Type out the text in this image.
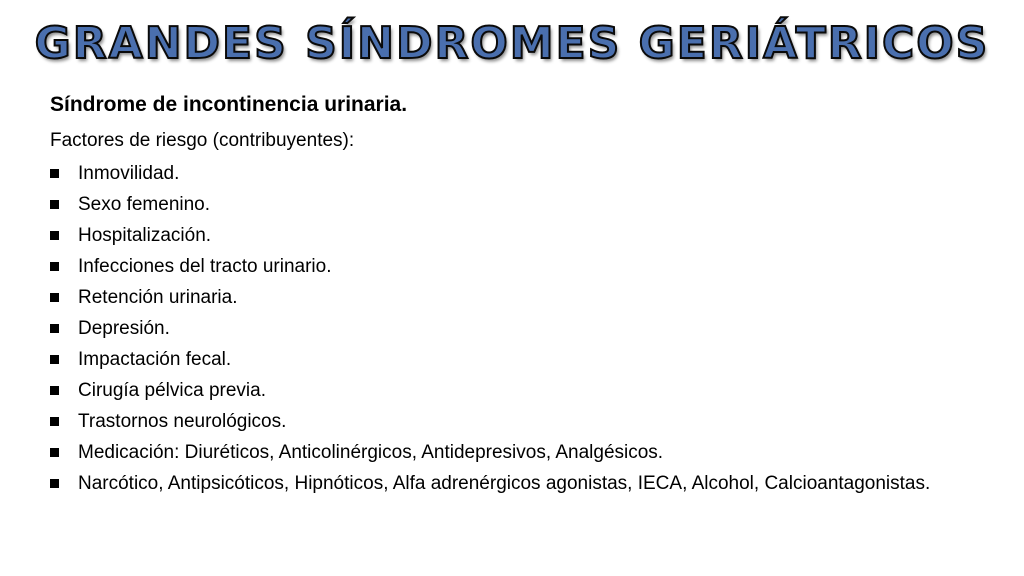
GRANDES SÍNDROMES GERIÁTRICOS
Síndrome de incontinencia urinaria.
Factores de riesgo (contribuyentes):
Inmovilidad.
Sexo femenino.
Hospitalización.
Infecciones del tracto urinario.
Retención urinaria.
Depresión.
Impactación fecal.
Cirugía pélvica previa.
Trastornos neurológicos.
Medicación: Diuréticos, Anticolinérgicos, Antidepresivos, Analgésicos.
Narcótico, Antipsicóticos, Hipnóticos, Alfa adrenérgicos agonistas, IECA, Alcohol, Calcioantagonistas.
